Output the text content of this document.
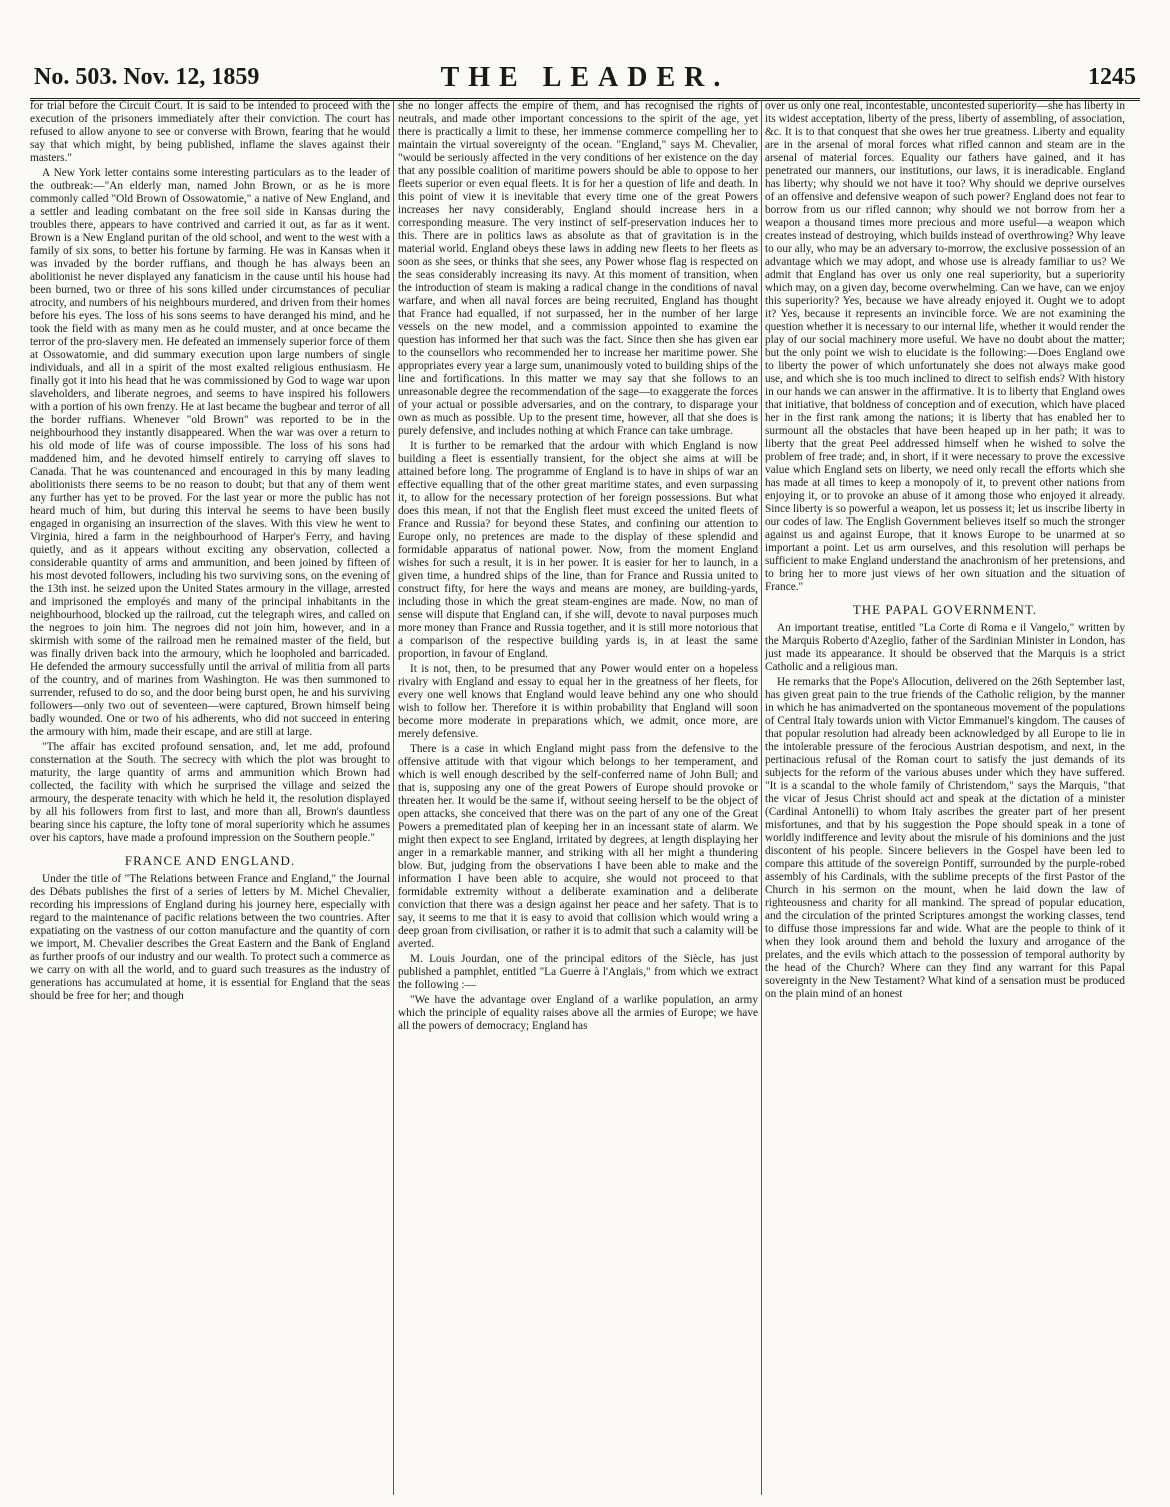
No. 503. Nov. 12, 1859	THE LEADER.	1245

for trial before the Circuit Court. It is said to be intended to proceed with the execution of the prisoners immediately after their conviction. The court has refused to allow anyone to see or converse with Brown, fearing that he would say that which might, by being published, inflame the slaves against their masters."

A New York letter contains some interesting particulars as to the leader of the outbreak:—"An elderly man, named John Brown, or as he is more commonly called "Old Brown of Ossowatomie," a native of New England, and a settler and leading combatant on the free soil side in Kansas during the troubles there, appears to have contrived and carried it out, as far as it went. Brown is a New England puritan of the old school, and went to the west with a family of six sons, to better his fortune by farming. He was in Kansas when it was invaded by the border ruffians, and though he has always been an abolitionist he never displayed any fanaticism in the cause until his house had been burned, two or three of his sons killed under circumstances of peculiar atrocity, and numbers of his neighbours murdered, and driven from their homes before his eyes. The loss of his sons seems to have deranged his mind, and he took the field with as many men as he could muster, and at once became the terror of the pro-slavery men. He defeated an immensely superior force of them at Ossowatomie, and did summary execution upon large numbers of single individuals, and all in a spirit of the most exalted religious enthusiasm. He finally got it into his head that he was commissioned by God to wage war upon slaveholders, and liberate negroes, and seems to have inspired his followers with a portion of his own frenzy. He at last became the bugbear and terror of all the border ruffians. Whenever "old Brown" was reported to be in the neighbourhood they instantly disappeared. When the war was over a return to his old mode of life was of course impossible. The loss of his sons had maddened him, and he devoted himself entirely to carrying off slaves to Canada. That he was countenanced and encouraged in this by many leading abolitionists there seems to be no reason to doubt; but that any of them went any further has yet to be proved. For the last year or more the public has not heard much of him, but during this interval he seems to have been busily engaged in organising an insurrection of the slaves. With this view he went to Virginia, hired a farm in the neighbourhood of Harper's Ferry, and having quietly, and as it appears without exciting any observation, collected a considerable quantity of arms and ammunition, and been joined by fifteen of his most devoted followers, including his two surviving sons, on the evening of the 13th inst. he seized upon the United States armoury in the village, arrested and imprisoned the employés and many of the principal inhabitants in the neighbourhood, blocked up the railroad, cut the telegraph wires, and called on the negroes to join him. The negroes did not join him, however, and in a skirmish with some of the railroad men he remained master of the field, but was finally driven back into the armoury, which he loopholed and barricaded. He defended the armoury successfully until the arrival of militia from all parts of the country, and of marines from Washington. He was then summoned to surrender, refused to do so, and the door being burst open, he and his surviving followers—only two out of seventeen—were captured, Brown himself being badly wounded. One or two of his adherents, who did not succeed in entering the armoury with him, made their escape, and are still at large.

"The affair has excited profound sensation, and, let me add, profound consternation at the South. The secrecy with which the plot was brought to maturity, the large quantity of arms and ammunition which Brown had collected, the facility with which he surprised the village and seized the armoury, the desperate tenacity with which he held it, the resolution displayed by all his followers from first to last, and more than all, Brown's dauntless bearing since his capture, the lofty tone of moral superiority which he assumes over his captors, have made a profound impression on the Southern people."

FRANCE AND ENGLAND.

Under the title of "The Relations between France and England," the Journal des Débats publishes the first of a series of letters by M. Michel Chevalier, recording his impressions of England during his journey here, especially with regard to the maintenance of pacific relations between the two countries. After expatiating on the vastness of our cotton manufacture and the quantity of corn we import, M. Chevalier describes the Great Eastern and the Bank of England as further proofs of our industry and our wealth. To protect such a commerce as we carry on with all the world, and to guard such treasures as the industry of generations has accumulated at home, it is essential for England that the seas should be free for her; and though

she no longer affects the empire of them, and has recognised the rights of neutrals, and made other important concessions to the spirit of the age, yet there is practically a limit to these, her immense commerce compelling her to maintain the virtual sovereignty of the ocean. "England," says M. Chevalier, "would be seriously affected in the very conditions of her existence on the day that any possible coalition of maritime powers should be able to oppose to her fleets superior or even equal fleets. It is for her a question of life and death. In this point of view it is inevitable that every time one of the great Powers increases her navy considerably, England should increase hers in a corresponding measure. The very instinct of self-preservation induces her to this. There are in politics laws as absolute as that of gravitation is in the material world. England obeys these laws in adding new fleets to her fleets as soon as she sees, or thinks that she sees, any Power whose flag is respected on the seas considerably increasing its navy. At this moment of transition, when the introduction of steam is making a radical change in the conditions of naval warfare, and when all naval forces are being recruited, England has thought that France had equalled, if not surpassed, her in the number of her large vessels on the new model, and a commission appointed to examine the question has informed her that such was the fact. Since then she has given ear to the counsellors who recommended her to increase her maritime power. She appropriates every year a large sum, unanimously voted to building ships of the line and fortifications. In this matter we may say that she follows to an unreasonable degree the recommendation of the sage—to exaggerate the forces of your actual or possible adversaries, and on the contrary, to disparage your own as much as possible. Up to the present time, however, all that she does is purely defensive, and includes nothing at which France can take umbrage.

It is further to be remarked that the ardour with which England is now building a fleet is essentially transient, for the object she aims at will be attained before long. The programme of England is to have in ships of war an effective equalling that of the other great maritime states, and even surpassing it, to allow for the necessary protection of her foreign possessions. But what does this mean, if not that the English fleet must exceed the united fleets of France and Russia? for beyond these States, and confining our attention to Europe only, no pretences are made to the display of these splendid and formidable apparatus of national power. Now, from the moment England wishes for such a result, it is in her power. It is easier for her to launch, in a given time, a hundred ships of the line, than for France and Russia united to construct fifty, for here the ways and means are money, are building-yards, including those in which the great steam-engines are made. Now, no man of sense will dispute that England can, if she will, devote to naval purposes much more money than France and Russia together, and it is still more notorious that a comparison of the respective building yards is, in at least the same proportion, in favour of England.

It is not, then, to be presumed that any Power would enter on a hopeless rivalry with England and essay to equal her in the greatness of her fleets, for every one well knows that England would leave behind any one who should wish to follow her. Therefore it is within probability that England will soon become more moderate in preparations which, we admit, once more, are merely defensive.

There is a case in which England might pass from the defensive to the offensive attitude with that vigour which belongs to her temperament, and which is well enough described by the self-conferred name of John Bull; and that is, supposing any one of the great Powers of Europe should provoke or threaten her. It would be the same if, without seeing herself to be the object of open attacks, she conceived that there was on the part of any one of the Great Powers a premeditated plan of keeping her in an incessant state of alarm. We might then expect to see England, irritated by degrees, at length displaying her anger in a remarkable manner, and striking with all her might a thundering blow. But, judging from the observations I have been able to make and the information I have been able to acquire, she would not proceed to that formidable extremity without a deliberate examination and a deliberate conviction that there was a design against her peace and her safety. That is to say, it seems to me that it is easy to avoid that collision which would wring a deep groan from civilisation, or rather it is to admit that such a calamity will be averted.

M. Louis Jourdan, one of the principal editors of the Siècle, has just published a pamphlet, entitled "La Guerre à l'Anglais," from which we extract the following :—

"We have the advantage over England of a warlike population, an army which the principle of equality raises above all the armies of Europe; we have all the powers of democracy; England has

over us only one real, incontestable, uncontested superiority—she has liberty in its widest acceptation, liberty of the press, liberty of assembling, of association, &c. It is to that conquest that she owes her true greatness. Liberty and equality are in the arsenal of moral forces what rifled cannon and steam are in the arsenal of material forces. Equality our fathers have gained, and it has penetrated our manners, our institutions, our laws, it is ineradicable. England has liberty; why should we not have it too? Why should we deprive ourselves of an offensive and defensive weapon of such power? England does not fear to borrow from us our rifled cannon; why should we not borrow from her a weapon a thousand times more precious and more useful—a weapon which creates instead of destroying, which builds instead of overthrowing? Why leave to our ally, who may be an adversary to-morrow, the exclusive possession of an advantage which we may adopt, and whose use is already familiar to us? We admit that England has over us only one real superiority, but a superiority which may, on a given day, become overwhelming. Can we have, can we enjoy this superiority? Yes, because we have already enjoyed it. Ought we to adopt it? Yes, because it represents an invincible force. We are not examining the question whether it is necessary to our internal life, whether it would render the play of our social machinery more useful. We have no doubt about the matter; but the only point we wish to elucidate is the following:—Does England owe to liberty the power of which unfortunately she does not always make good use, and which she is too much inclined to direct to selfish ends? With history in our hands we can answer in the affirmative. It is to liberty that England owes that initiative, that boldness of conception and of execution, which have placed her in the first rank among the nations; it is liberty that has enabled her to surmount all the obstacles that have been heaped up in her path; it was to liberty that the great Peel addressed himself when he wished to solve the problem of free trade; and, in short, if it were necessary to prove the excessive value which England sets on liberty, we need only recall the efforts which she has made at all times to keep a monopoly of it, to prevent other nations from enjoying it, or to provoke an abuse of it among those who enjoyed it already. Since liberty is so powerful a weapon, let us possess it; let us inscribe liberty in our codes of law. The English Government believes itself so much the stronger against us and against Europe, that it knows Europe to be unarmed at so important a point. Let us arm ourselves, and this resolution will perhaps be sufficient to make England understand the anachronism of her pretensions, and to bring her to more just views of her own situation and the situation of France."

THE PAPAL GOVERNMENT.

An important treatise, entitled "La Corte di Roma e il Vangelo," written by the Marquis Roberto d'Azeglio, father of the Sardinian Minister in London, has just made its appearance. It should be observed that the Marquis is a strict Catholic and a religious man.

He remarks that the Pope's Allocution, delivered on the 26th September last, has given great pain to the true friends of the Catholic religion, by the manner in which he has animadverted on the spontaneous movement of the populations of Central Italy towards union with Victor Emmanuel's kingdom. The causes of that popular resolution had already been acknowledged by all Europe to lie in the intolerable pressure of the ferocious Austrian despotism, and next, in the pertinacious refusal of the Roman court to satisfy the just demands of its subjects for the reform of the various abuses under which they have suffered. "It is a scandal to the whole family of Christendom," says the Marquis, "that the vicar of Jesus Christ should act and speak at the dictation of a minister (Cardinal Antonelli) to whom Italy ascribes the greater part of her present misfortunes, and that by his suggestion the Pope should speak in a tone of worldly indifference and levity about the misrule of his dominions and the just discontent of his people. Sincere believers in the Gospel have been led to compare this attitude of the sovereign Pontiff, surrounded by the purple-robed assembly of his Cardinals, with the sublime precepts of the first Pastor of the Church in his sermon on the mount, when he laid down the law of righteousness and charity for all mankind. The spread of popular education, and the circulation of the printed Scriptures amongst the working classes, tend to diffuse those impressions far and wide. What are the people to think of it when they look around them and behold the luxury and arrogance of the prelates, and the evils which attach to the possession of temporal authority by the head of the Church? Where can they find any warrant for this Papal sovereignty in the New Testament? What kind of a sensation must be produced on the plain mind of an honest
